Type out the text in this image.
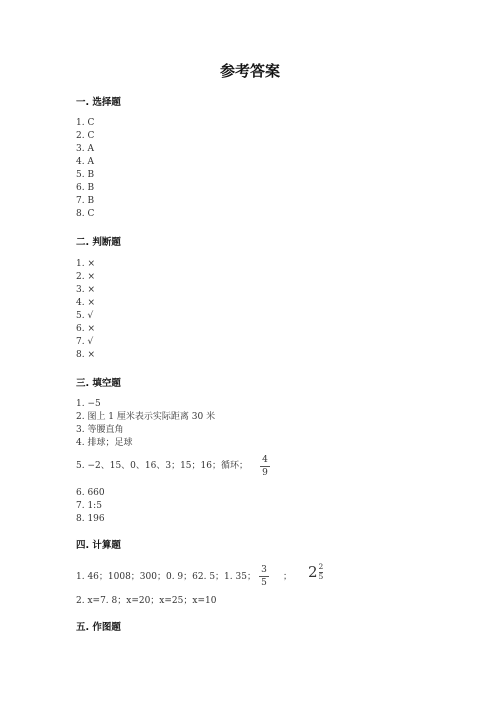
参考答案
一. 选择题
1. C
2. C
3. A
4. A
5. B
6. B
7. B
8. C
二. 判断题
1. ×
2. ×
3. ×
4. ×
5. √
6. ×
7. √
8. ×
三. 填空题
1. −5
2. 图上 1 厘米表示实际距离 30 米
3. 等腰直角
4. 排球；足球
5. −2、15、0、16、3；15；16；循环；
4
9
6. 660
7. 1:5
8. 196
四. 计算题
1. 46；1008；300；0. 9；62. 5；1. 35；
3
5
； $2 \frac{2}{5}$
2. x=7. 8；x=20；x=25；x=10
五. 作图题
